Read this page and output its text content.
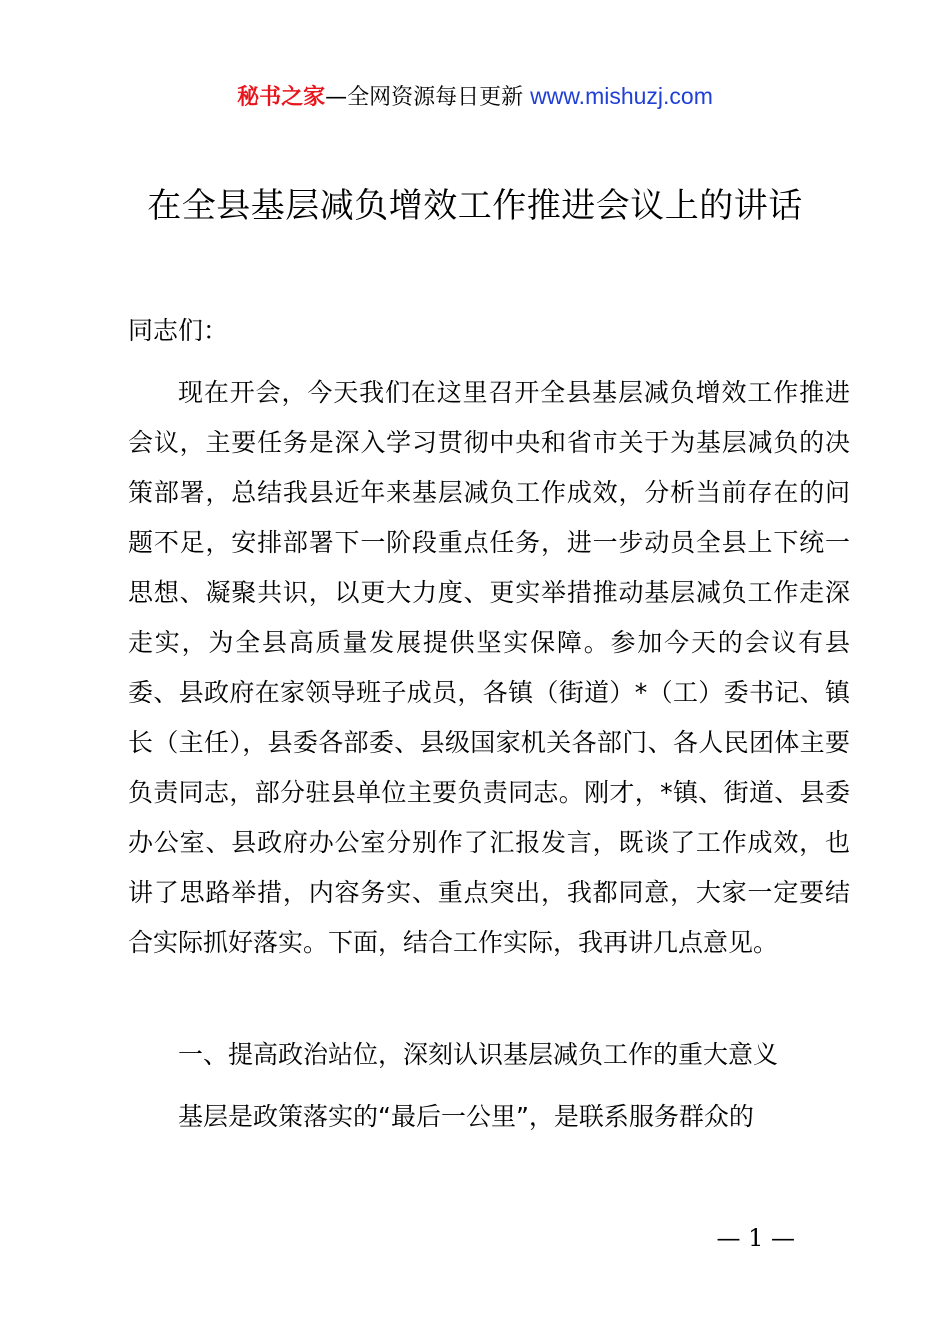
秘书之家—全网资源每日更新 www.mishuzj.com
在全县基层减负增效工作推进会议上的讲话
同志们：
现在开会，今天我们在这里召开全县基层减负增效工作推进会议，主要任务是深入学习贯彻中央和省市关于为基层减负的决策部署，总结我县近年来基层减负工作成效，分析当前存在的问题不足，安排部署下一阶段重点任务，进一步动员全县上下统一思想、凝聚共识，以更大力度、更实举措推动基层减负工作走深走实，为全县高质量发展提供坚实保障。参加今天的会议有县委、县政府在家领导班子成员，各镇（街道）*（工）委书记、镇长（主任），县委各部委、县级国家机关各部门、各人民团体主要负责同志，部分驻县单位主要负责同志。刚才，*镇、街道、县委办公室、县政府办公室分别作了汇报发言，既谈了工作成效，也讲了思路举措，内容务实、重点突出，我都同意，大家一定要结合实际抓好落实。下面，结合工作实际，我再讲几点意见。
一、提高政治站位，深刻认识基层减负工作的重大意义
基层是政策落实的“最后一公里”，是联系服务群众的
— 1 —
